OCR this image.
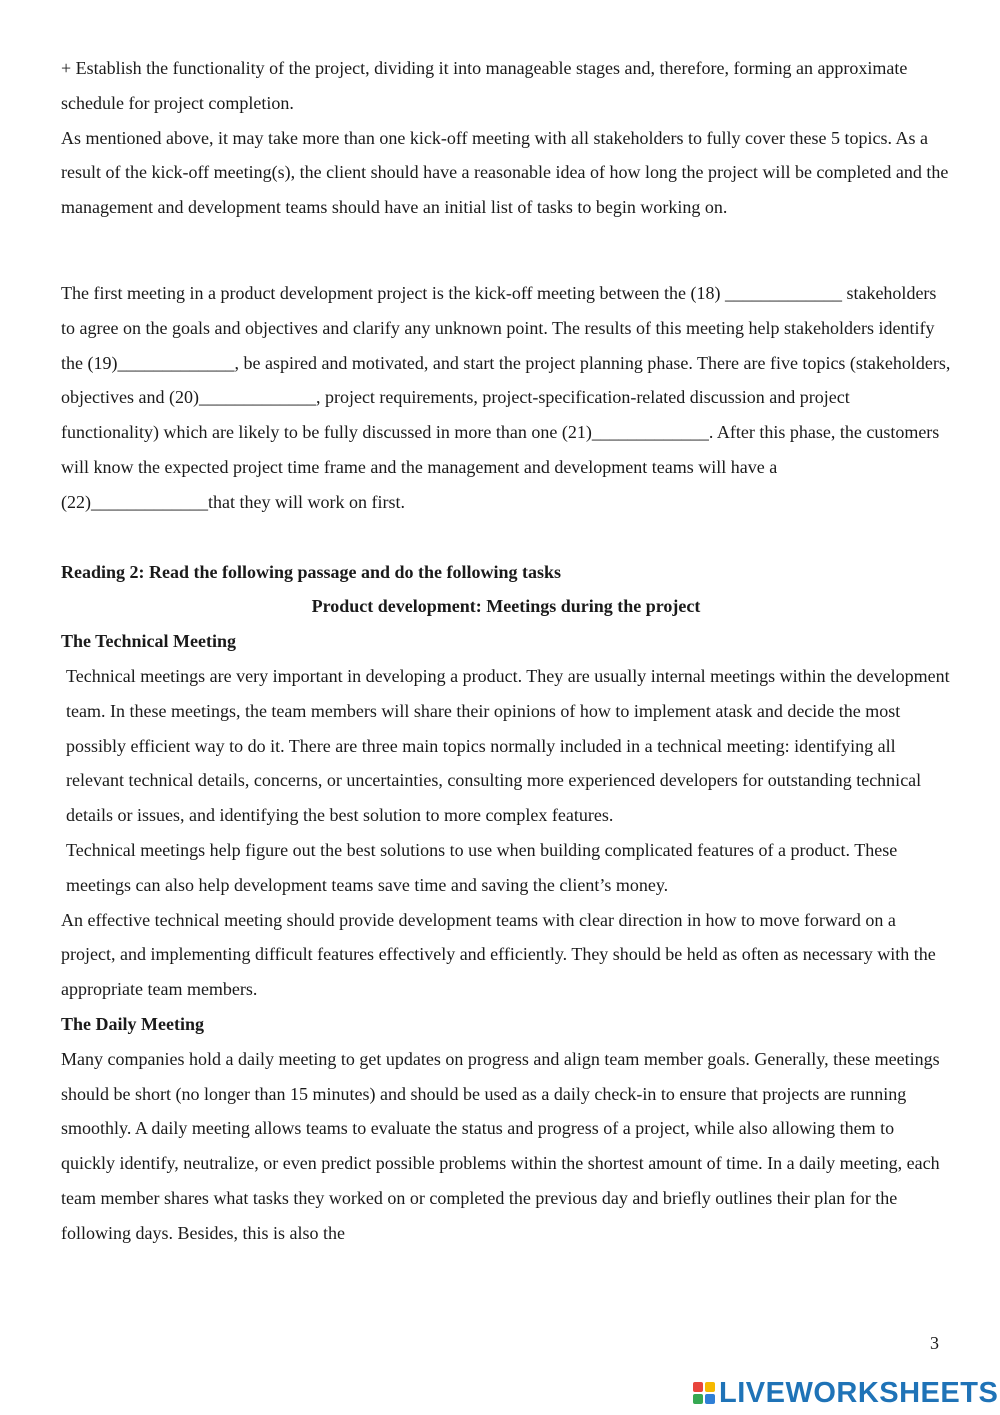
+ Establish the functionality of the project, dividing it into manageable stages and, therefore, forming an approximate schedule for project completion.

As mentioned above, it may take more than one kick-off meeting with all stakeholders to fully cover these 5 topics. As a result of the kick-off meeting(s), the client should have a reasonable idea of how long the project will be completed and the management and development teams should have an initial list of tasks to begin working on.

The first meeting in a product development project is the kick-off meeting between the (18) _____________ stakeholders to agree on the goals and objectives and clarify any unknown point. The results of this meeting help stakeholders identify the (19)_____________, be aspired and motivated, and start the project planning phase. There are five topics (stakeholders, objectives and (20)_____________, project requirements, project-specification-related discussion and project functionality) which are likely to be fully discussed in more than one (21)_____________. After this phase, the customers will know the expected project time frame and the management and development teams will have a (22)_____________that they will work on first.

Reading 2: Read the following passage and do the following tasks

Product development: Meetings during the project

The Technical Meeting

Technical meetings are very important in developing a product. They are usually internal meetings within the development team. In these meetings, the team members will share their opinions of how to implement atask and decide the most possibly efficient way to do it. There are three main topics normally included in a technical meeting: identifying all relevant technical details, concerns, or uncertainties, consulting more experienced developers for outstanding technical details or issues, and identifying the best solution to more complex features.

Technical meetings help figure out the best solutions to use when building complicated features of a product. These meetings can also help development teams save time and saving the client’s money.

An effective technical meeting should provide development teams with clear direction in how to move forward on a project, and implementing difficult features effectively and efficiently. They should be held as often as necessary with the appropriate team members.

The Daily Meeting

Many companies hold a daily meeting to get updates on progress and align team member goals. Generally, these meetings should be short (no longer than 15 minutes) and should be used as a daily check-in to ensure that projects are running smoothly. A daily meeting allows teams to evaluate the status and progress of a project, while also allowing them to quickly identify, neutralize, or even predict possible problems within the shortest amount of time. In a daily meeting, each team member shares what tasks they worked on or completed the previous day and briefly outlines their plan for the following days. Besides, this is also the

3
LIVEWORKSHEETS
